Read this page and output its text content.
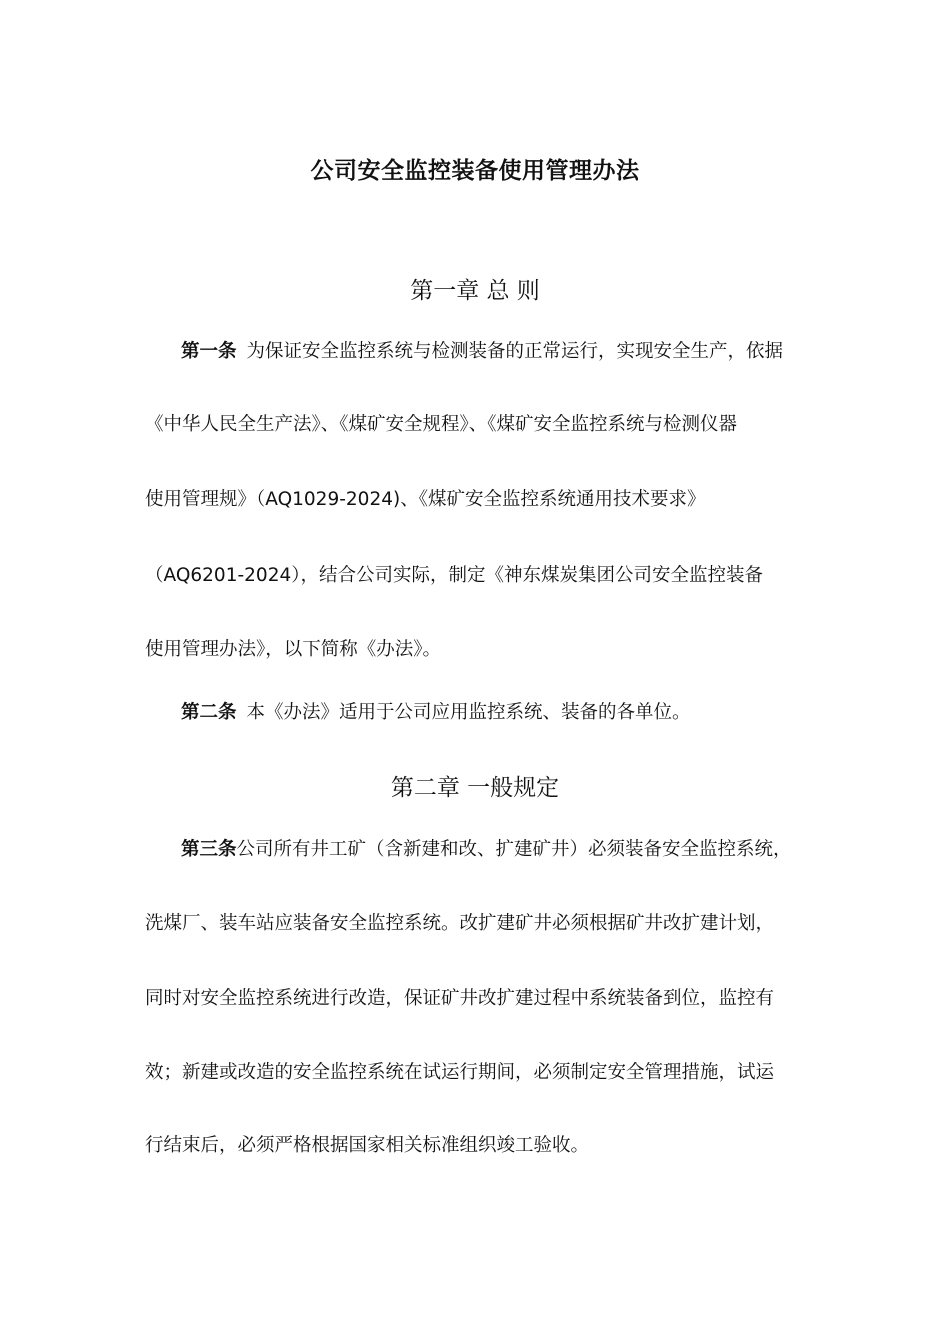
公司安全监控装备使用管理办法
第一章 总 则
第一条 为保证安全监控系统与检测装备的正常运行，实现安全生产，依据
《中华人民全生产法》、《煤矿安全规程》、《煤矿安全监控系统与检测仪器
使用管理规》（AQ1029-2024)、《煤矿安全监控系统通用技术要求》
（AQ6201-2024），结合公司实际，制定《神东煤炭集团公司安全监控装备
使用管理办法》，以下简称《办法》。
第二条 本《办法》适用于公司应用监控系统、装备的各单位。
第二章 一般规定
第三条公司所有井工矿（含新建和改、扩建矿井）必须装备安全监控系统，
洗煤厂、装车站应装备安全监控系统。改扩建矿井必须根据矿井改扩建计划，
同时对安全监控系统进行改造，保证矿井改扩建过程中系统装备到位，监控有
效；新建或改造的安全监控系统在试运行期间，必须制定安全管理措施，试运
行结束后，必须严格根据国家相关标准组织竣工验收。
